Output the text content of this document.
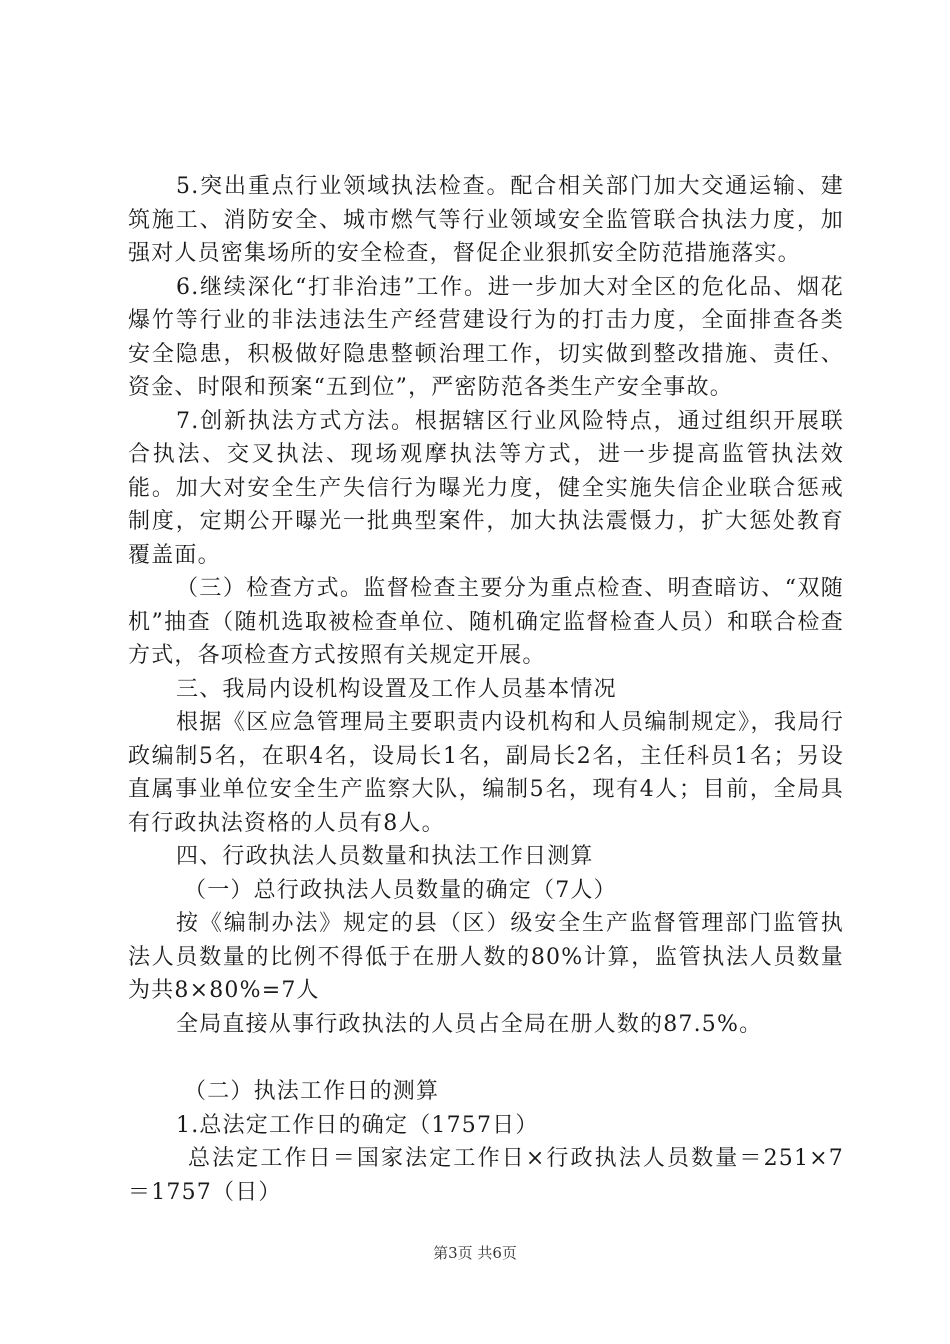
5.突出重点行业领域执法检查。配合相关部门加大交通运输、建筑施工、消防安全、城市燃气等行业领域安全监管联合执法力度，加强对人员密集场所的安全检查，督促企业狠抓安全防范措施落实。

6.继续深化“打非治违”工作。进一步加大对全区的危化品、烟花爆竹等行业的非法违法生产经营建设行为的打击力度，全面排查各类安全隐患，积极做好隐患整顿治理工作，切实做到整改措施、责任、资金、时限和预案“五到位”，严密防范各类生产安全事故。

7.创新执法方式方法。根据辖区行业风险特点，通过组织开展联合执法、交叉执法、现场观摩执法等方式，进一步提高监管执法效能。加大对安全生产失信行为曝光力度，健全实施失信企业联合惩戒制度，定期公开曝光一批典型案件，加大执法震慑力，扩大惩处教育覆盖面。

（三）检查方式。监督检查主要分为重点检查、明查暗访、“双随机”抽查（随机选取被检查单位、随机确定监督检查人员）和联合检查方式，各项检查方式按照有关规定开展。

三、我局内设机构设置及工作人员基本情况

根据《区应急管理局主要职责内设机构和人员编制规定》，我局行政编制5名，在职4名，设局长1名，副局长2名，主任科员1名；另设直属事业单位安全生产监察大队，编制5名，现有4人；目前，全局具有行政执法资格的人员有8人。

四、行政执法人员数量和执法工作日测算

（一）总行政执法人员数量的确定（7人）

按《编制办法》规定的县（区）级安全生产监督管理部门监管执法人员数量的比例不得低于在册人数的80%计算，监管执法人员数量为共8×80%=7人

全局直接从事行政执法的人员占全局在册人数的87.5%。

（二）执法工作日的测算

1.总法定工作日的确定（1757日）

总法定工作日＝国家法定工作日×行政执法人员数量＝251×7＝1757（日）

第3页 共6页
